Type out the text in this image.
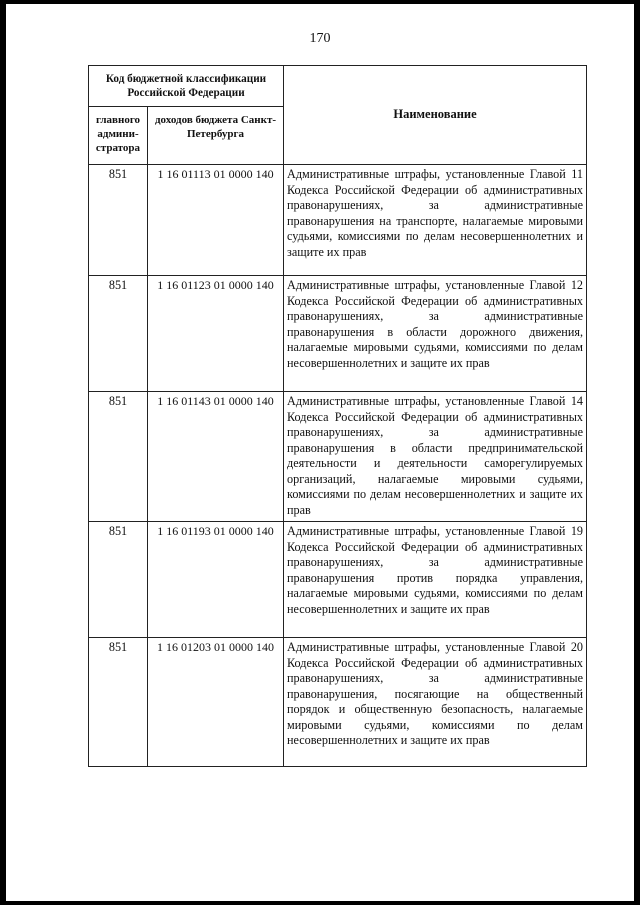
170
Код бюджетной классификации Российской Федерации		Наименование
главного админи-стратора	доходов бюджета Санкт-Петербурга	
851	1 16 01113 01 0000 140	Административные штрафы, установленные Главой 11 Кодекса Российской Федерации об административных правонарушениях, за административные правонарушения на транспорте, налагаемые мировыми судьями, комиссиями по делам несовершеннолетних и защите их прав
851	1 16 01123 01 0000 140	Административные штрафы, установленные Главой 12 Кодекса Российской Федерации об административных правонарушениях, за административные правонарушения в области дорожного движения, налагаемые мировыми судьями, комиссиями по делам несовершеннолетних и защите их прав
851	1 16 01143 01 0000 140	Административные штрафы, установленные Главой 14 Кодекса Российской Федерации об административных правонарушениях, за административные правонарушения в области предпринимательской деятельности и деятельности саморегулируемых организаций, налагаемые мировыми судьями, комиссиями по делам несовершеннолетних и защите их прав
851	1 16 01193 01 0000 140	Административные штрафы, установленные Главой 19 Кодекса Российской Федерации об административных правонарушениях, за административные правонарушения против порядка управления, налагаемые мировыми судьями, комиссиями по делам несовершеннолетних и защите их прав
851	1 16 01203 01 0000 140	Административные штрафы, установленные Главой 20 Кодекса Российской Федерации об административных правонарушениях, за административные правонарушения, посягающие на общественный порядок и общественную безопасность, налагаемые мировыми судьями, комиссиями по делам несовершеннолетних и защите их прав
